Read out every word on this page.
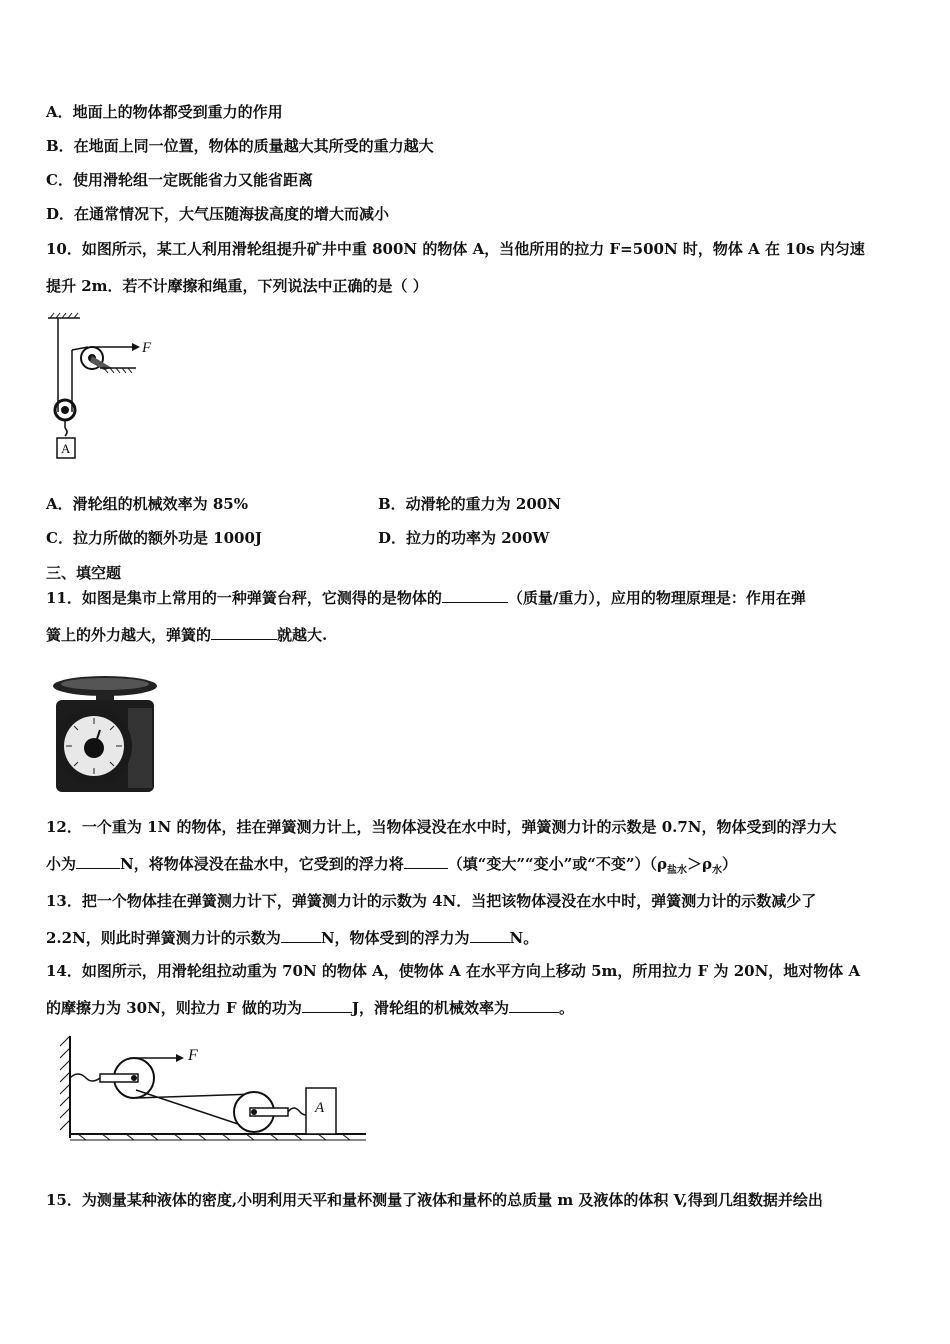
A．地面上的物体都受到重力的作用
B．在地面上同一位置，物体的质量越大其所受的重力越大
C．使用滑轮组一定既能省力又能省距离
D．在通常情况下，大气压随海拔高度的增大而减小
10．如图所示，某工人利用滑轮组提升矿井中重 800N 的物体 A，当他所用的拉力 F=500N 时，物体 A 在 10s 内匀速
提升 2m．若不计摩擦和绳重，下列说法中正确的是（ ）
F
A
A．滑轮组的机械效率为 85%	B．动滑轮的重力为 200N
C．拉力所做的额外功是 1000J	D．拉力的功率为 200W
三、填空题
11．如图是集市上常用的一种弹簧台秤，它测得的是物体的	（质量/重力），应用的物理原理是：作用在弹
簧上的外力越大，弹簧的	就越大.
12．一个重为 1N 的物体，挂在弹簧测力计上，当物体浸没在水中时，弹簧测力计的示数是 0.7N，物体受到的浮力大
小为	N，将物体浸没在盐水中，它受到的浮力将	（填“变大”“变小”或“不变$”)(\rho_{盐水}>\rho_水)$
13．把一个物体挂在弹簧测力计下，弹簧测力计的示数为 4N．当把该物体浸没在水中时，弹簧测力计的示数减少了
2.2N，则此时弹簧测力计的示数为	N，物体受到的浮力为	N。
14．如图所示，用滑轮组拉动重为 70N 的物体 A，使物体 A 在水平方向上移动 5m，所用拉力 F 为 20N，地对物体 A
的摩擦力为 30N，则拉力 F 做的功为	J，滑轮组的机械效率为	。
F
A
15．为测量某种液体的密度,小明利用天平和量杯测量了液体和量杯的总质量 m 及液体的体积 V,得到几组数据并绘出
